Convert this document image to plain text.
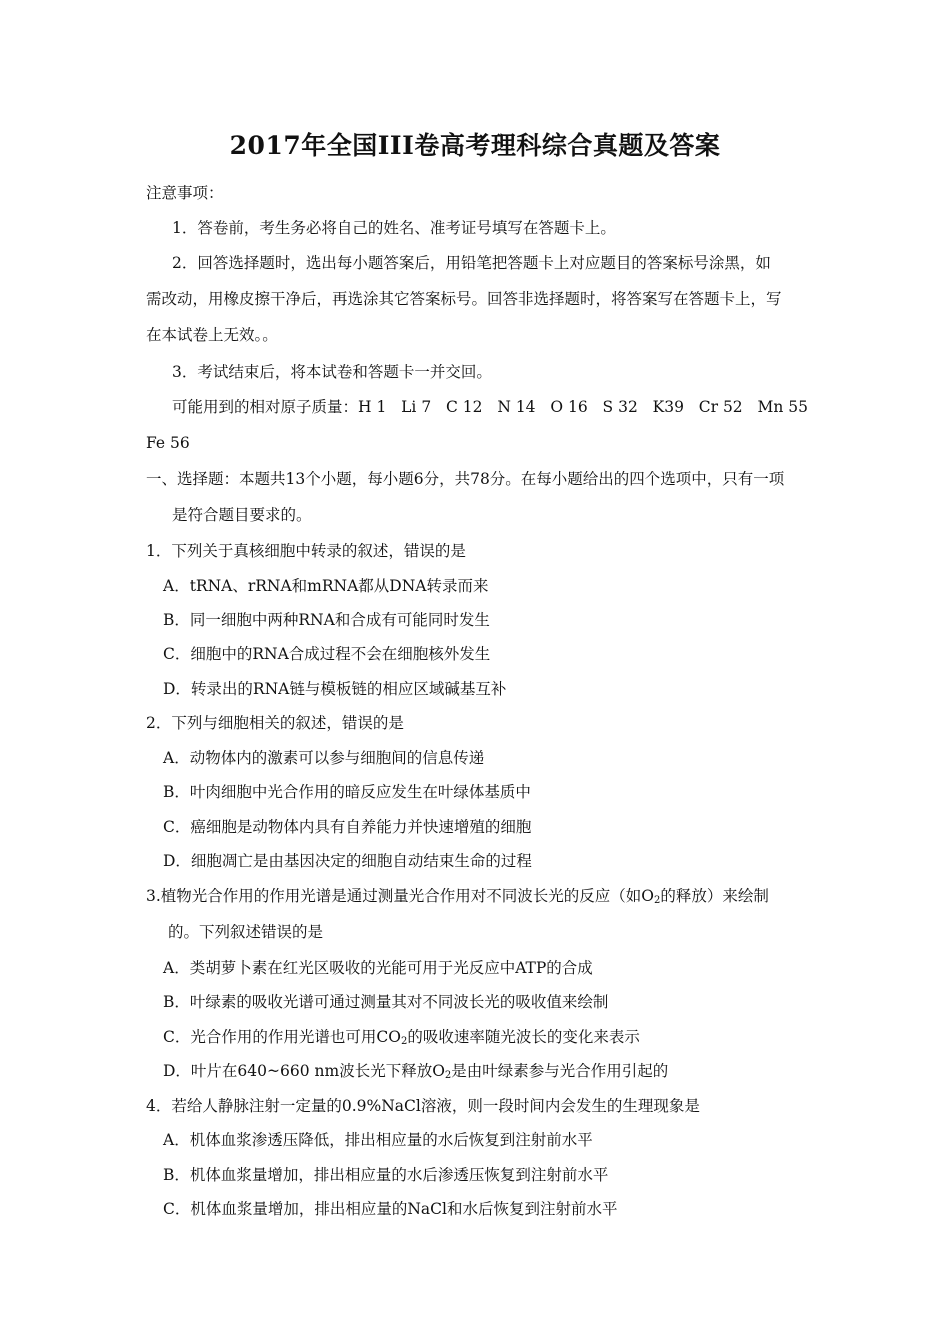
2017年全国III卷高考理科综合真题及答案
注意事项：
1．答卷前，考生务必将自己的姓名、准考证号填写在答题卡上。
2．回答选择题时，选出每小题答案后，用铅笔把答题卡上对应题目的答案标号涂黑，如
需改动，用橡皮擦干净后，再选涂其它答案标号。回答非选择题时，将答案写在答题卡上，写
在本试卷上无效。。
3．考试结束后，将本试卷和答题卡一并交回。
可能用到的相对原子质量：H 1 Li 7 C 12 N 14 O 16 S 32 K39 Cr 52 Mn 55
Fe 56
一、选择题：本题共13个小题，每小题6分，共78分。在每小题给出的四个选项中，只有一项
是符合题目要求的。
1．下列关于真核细胞中转录的叙述，错误的是
A．tRNA、rRNA和mRNA都从DNA转录而来
B．同一细胞中两种RNA和合成有可能同时发生
C．细胞中的RNA合成过程不会在细胞核外发生
D．转录出的RNA链与模板链的相应区域碱基互补
2．下列与细胞相关的叙述，错误的是
A．动物体内的激素可以参与细胞间的信息传递
B．叶肉细胞中光合作用的暗反应发生在叶绿体基质中
C．癌细胞是动物体内具有自养能力并快速增殖的细胞
D．细胞凋亡是由基因决定的细胞自动结束生命的过程
3.植物光合作用的作用光谱是通过测量光合作用对不同波长光的反应（如$O_2$的释放）来绘制
的。下列叙述错误的是
A．类胡萝卜素在红光区吸收的光能可用于光反应中ATP的合成
B．叶绿素的吸收光谱可通过测量其对不同波长光的吸收值来绘制
C．光合作用的作用光谱也可用$CO_2$的吸收速率随光波长的变化来表示
D．叶片在640~660 nm波长光下释放$O_2$是由叶绿素参与光合作用引起的
4．若给人静脉注射一定量的0.9%NaCl溶液，则一段时间内会发生的生理现象是
A．机体血浆渗透压降低，排出相应量的水后恢复到注射前水平
B．机体血浆量增加，排出相应量的水后渗透压恢复到注射前水平
C．机体血浆量增加，排出相应量的NaCl和水后恢复到注射前水平
